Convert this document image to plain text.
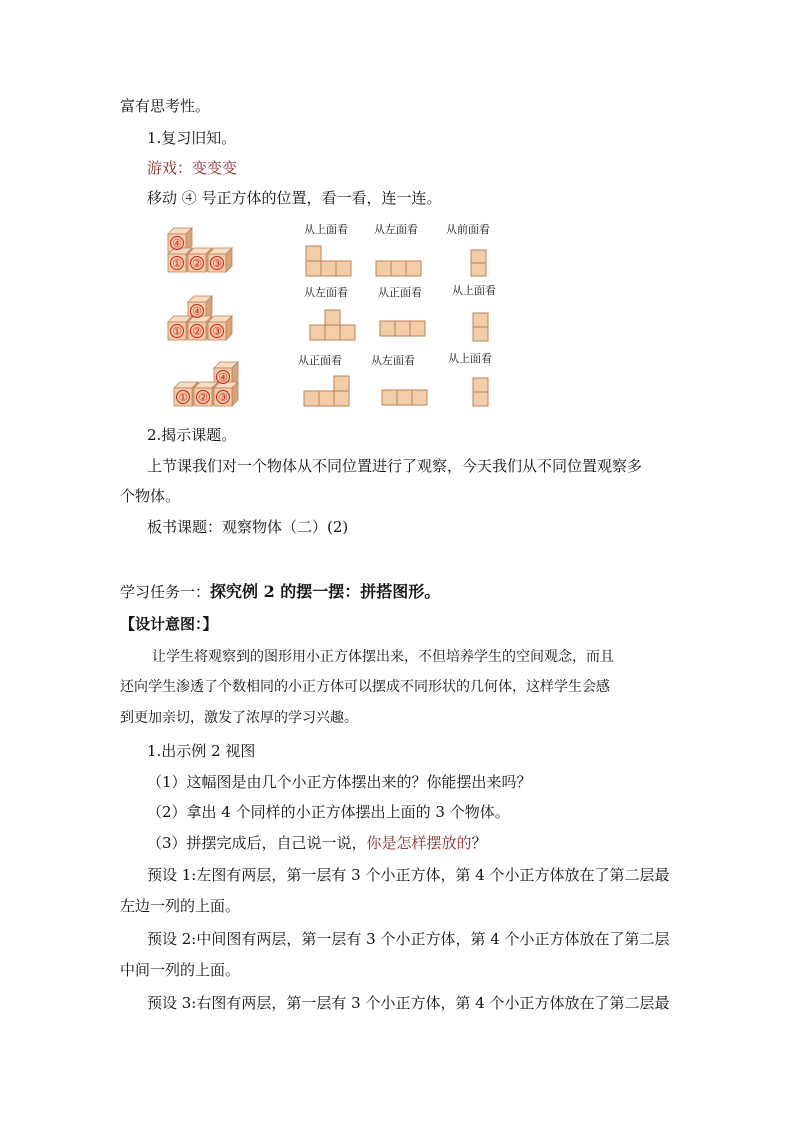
富有思考性。
1.复习旧知。
游戏：变变变
移动 ④ 号正方体的位置，看一看，连一连。
④
① ② ③
④
① ② ③
④
① ② ③
从上面看 从左面看	从前面看
从左面看	从正面看	从上面看
从正面看	从左面看	从上面看
2.揭示课题。
上节课我们对一个物体从不同位置进行了观察，今天我们从不同位置观察多
个物体。
板书课题：观察物体（二）(2)
学习任务一：探究例 2 的摆一摆：拼搭图形。
【设计意图：】
让学生将观察到的图形用小正方体摆出来，不但培养学生的空间观念，而且
还向学生渗透了个数相同的小正方体可以摆成不同形状的几何体，这样学生会感
到更加亲切，激发了浓厚的学习兴趣。
1.出示例 2 视图
（1）这幅图是由几个小正方体摆出来的？你能摆出来吗？
（2）拿出 4 个同样的小正方体摆出上面的 3 个物体。
（3）拼摆完成后，自己说一说，你是怎样摆放的？
预设 1:左图有两层，第一层有 3 个小正方体，第 4 个小正方体放在了第二层最
左边一列的上面。
预设 2:中间图有两层，第一层有 3 个小正方体，第 4 个小正方体放在了第二层
中间一列的上面。
预设 3:右图有两层，第一层有 3 个小正方体，第 4 个小正方体放在了第二层最
